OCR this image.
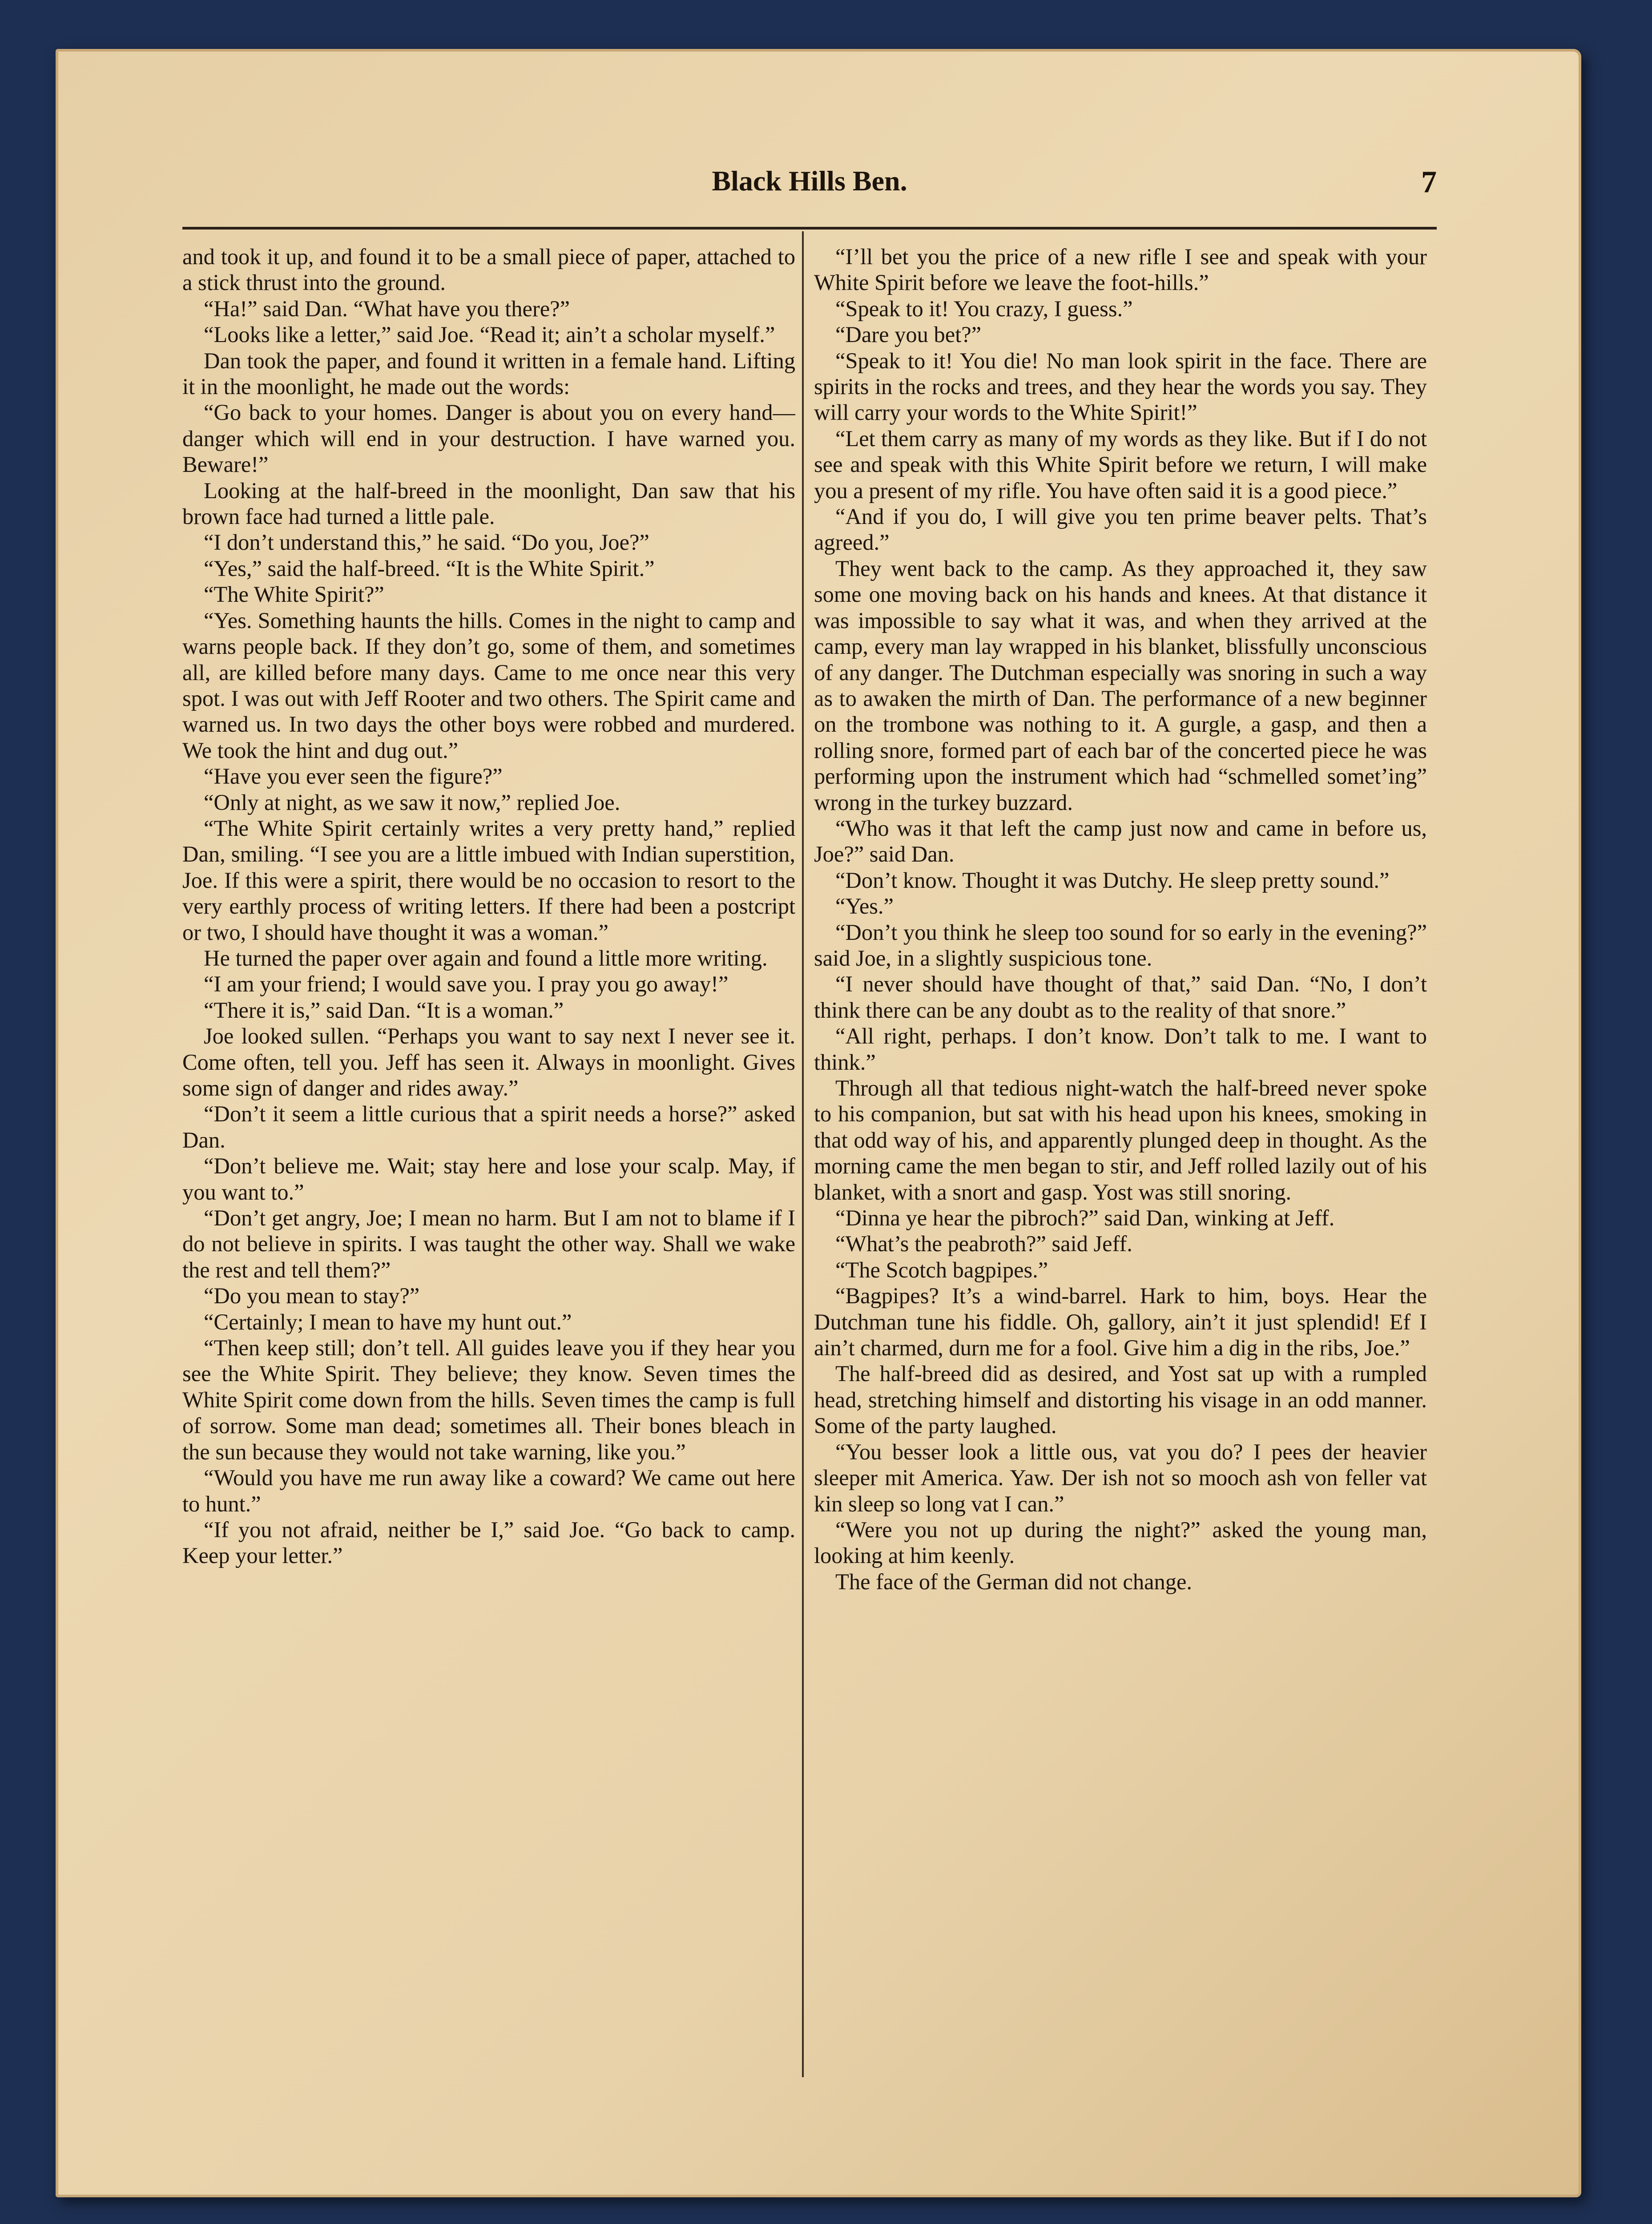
Black Hills Ben.	7

and took it up, and found it to be a small piece of paper, attached to a stick thrust into the ground.

“Ha!” said Dan. “What have you there?”

“Looks like a letter,” said Joe. “Read it; ain’t a scholar myself.”

Dan took the paper, and found it written in a female hand. Lifting it in the moonlight, he made out the words:

“Go back to your homes. Danger is about you on every hand—danger which will end in your destruction. I have warned you. Beware!”

Looking at the half-breed in the moonlight, Dan saw that his brown face had turned a little pale.

“I don’t understand this,” he said. “Do you, Joe?”

“Yes,” said the half-breed. “It is the White Spirit.”

“The White Spirit?”

“Yes. Something haunts the hills. Comes in the night to camp and warns people back. If they don’t go, some of them, and sometimes all, are killed before many days. Came to me once near this very spot. I was out with Jeff Rooter and two others. The Spirit came and warned us. In two days the other boys were robbed and murdered. We took the hint and dug out.”

“Have you ever seen the figure?”

“Only at night, as we saw it now,” replied Joe.

“The White Spirit certainly writes a very pretty hand,” replied Dan, smiling. “I see you are a little imbued with Indian superstition, Joe. If this were a spirit, there would be no occasion to resort to the very earthly process of writing letters. If there had been a postcript or two, I should have thought it was a woman.”

He turned the paper over again and found a little more writing.

“I am your friend; I would save you. I pray you go away!”

“There it is,” said Dan. “It is a woman.”

Joe looked sullen. “Perhaps you want to say next I never see it. Come often, tell you. Jeff has seen it. Always in moonlight. Gives some sign of danger and rides away.”

“Don’t it seem a little curious that a spirit needs a horse?” asked Dan.

“Don’t believe me. Wait; stay here and lose your scalp. May, if you want to.”

“Don’t get angry, Joe; I mean no harm. But I am not to blame if I do not believe in spirits. I was taught the other way. Shall we wake the rest and tell them?”

“Do you mean to stay?”

“Certainly; I mean to have my hunt out.”

“Then keep still; don’t tell. All guides leave you if they hear you see the White Spirit. They believe; they know. Seven times the White Spirit come down from the hills. Seven times the camp is full of sorrow. Some man dead; sometimes all. Their bones bleach in the sun because they would not take warning, like you.”

“Would you have me run away like a coward? We came out here to hunt.”

“If you not afraid, neither be I,” said Joe. “Go back to camp. Keep your letter.”

“I’ll bet you the price of a new rifle I see and speak with your White Spirit before we leave the foot-hills.”

“Speak to it! You crazy, I guess.”

“Dare you bet?”

“Speak to it! You die! No man look spirit in the face. There are spirits in the rocks and trees, and they hear the words you say. They will carry your words to the White Spirit!”

“Let them carry as many of my words as they like. But if I do not see and speak with this White Spirit before we return, I will make you a present of my rifle. You have often said it is a good piece.”

“And if you do, I will give you ten prime beaver pelts. That’s agreed.”

They went back to the camp. As they approached it, they saw some one moving back on his hands and knees. At that distance it was impossible to say what it was, and when they arrived at the camp, every man lay wrapped in his blanket, blissfully unconscious of any danger. The Dutchman especially was snoring in such a way as to awaken the mirth of Dan. The performance of a new beginner on the trombone was nothing to it. A gurgle, a gasp, and then a rolling snore, formed part of each bar of the concerted piece he was performing upon the instrument which had “schmelled somet’ing” wrong in the turkey buzzard.

“Who was it that left the camp just now and came in before us, Joe?” said Dan.

“Don’t know. Thought it was Dutchy. He sleep pretty sound.”

“Yes.”

“Don’t you think he sleep too sound for so early in the evening?” said Joe, in a slightly suspicious tone.

“I never should have thought of that,” said Dan. “No, I don’t think there can be any doubt as to the reality of that snore.”

“All right, perhaps. I don’t know. Don’t talk to me. I want to think.”

Through all that tedious night-watch the half-breed never spoke to his companion, but sat with his head upon his knees, smoking in that odd way of his, and apparently plunged deep in thought. As the morning came the men began to stir, and Jeff rolled lazily out of his blanket, with a snort and gasp. Yost was still snoring.

“Dinna ye hear the pibroch?” said Dan, winking at Jeff.

“What’s the peabroth?” said Jeff.

“The Scotch bagpipes.”

“Bagpipes? It’s a wind-barrel. Hark to him, boys. Hear the Dutchman tune his fiddle. Oh, gallory, ain’t it just splendid! Ef I ain’t charmed, durn me for a fool. Give him a dig in the ribs, Joe.”

The half-breed did as desired, and Yost sat up with a rumpled head, stretching himself and distorting his visage in an odd manner. Some of the party laughed.

“You besser look a little ous, vat you do? I pees der heavier sleeper mit America. Yaw. Der ish not so mooch ash von feller vat kin sleep so long vat I can.”

“Were you not up during the night?” asked the young man, looking at him keenly.

The face of the German did not change.
